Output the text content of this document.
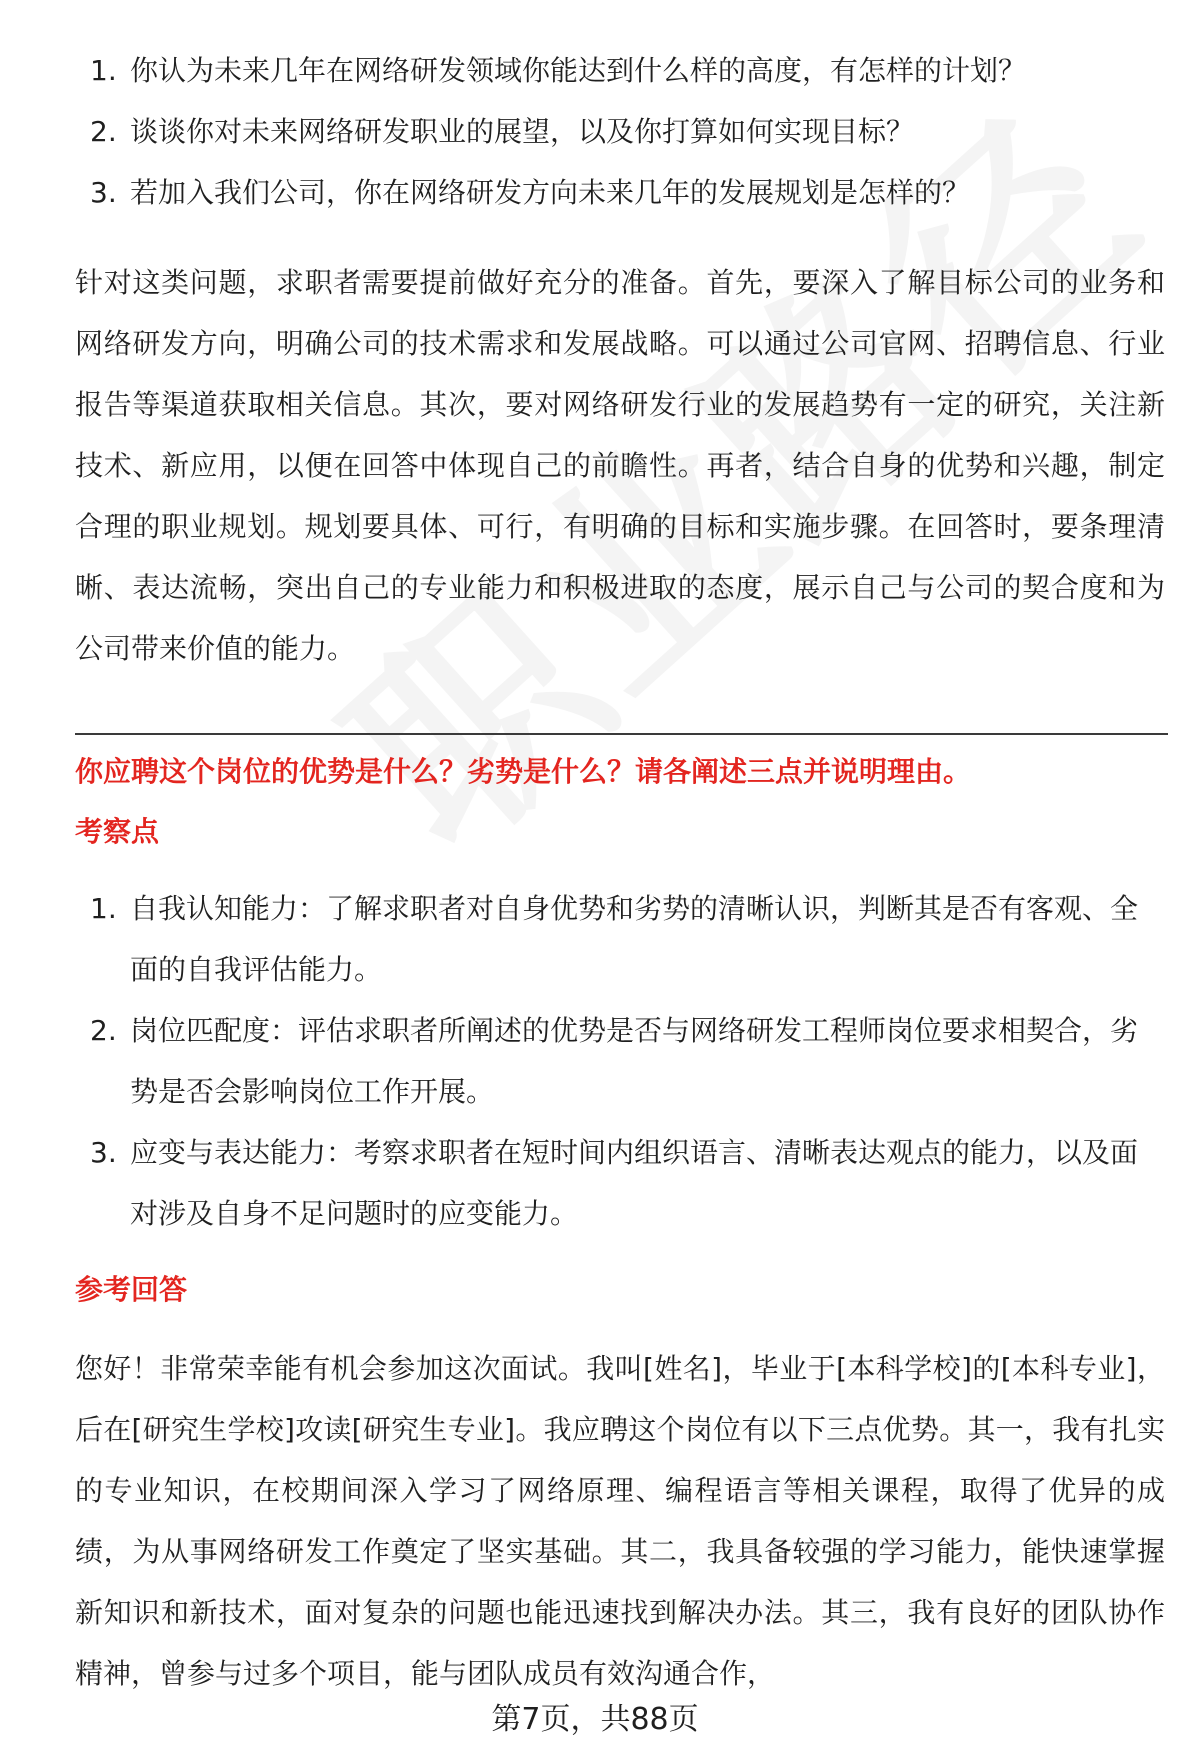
1. 你认为未来几年在网络研发领域你能达到什么样的高度，有怎样的计划？
2. 谈谈你对未来网络研发职业的展望，以及你打算如何实现目标？
3. 若加入我们公司，你在网络研发方向未来几年的发展规划是怎样的？

针对这类问题，求职者需要提前做好充分的准备。首先，要深入了解目标公司的业务和网络研发方向，明确公司的技术需求和发展战略。可以通过公司官网、招聘信息、行业报告等渠道获取相关信息。其次，要对网络研发行业的发展趋势有一定的研究，关注新技术、新应用，以便在回答中体现自己的前瞻性。再者，结合自身的优势和兴趣，制定合理的职业规划。规划要具体、可行，有明确的目标和实施步骤。在回答时，要条理清晰、表达流畅，突出自己的专业能力和积极进取的态度，展示自己与公司的契合度和为公司带来价值的能力。

你应聘这个岗位的优势是什么？劣势是什么？请各阐述三点并说明理由。

考察点

1. 自我认知能力：了解求职者对自身优势和劣势的清晰认识，判断其是否有客观、全面的自我评估能力。
2. 岗位匹配度：评估求职者所阐述的优势是否与网络研发工程师岗位要求相契合，劣势是否会影响岗位工作开展。
3. 应变与表达能力：考察求职者在短时间内组织语言、清晰表达观点的能力，以及面对涉及自身不足问题时的应变能力。

参考回答

您好！非常荣幸能有机会参加这次面试。我叫[姓名]，毕业于[本科学校]的[本科专业]，后在[研究生学校]攻读[研究生专业]。我应聘这个岗位有以下三点优势。其一，我有扎实的专业知识，在校期间深入学习了网络原理、编程语言等相关课程，取得了优异的成绩，为从事网络研发工作奠定了坚实基础。其二，我具备较强的学习能力，能快速掌握新知识和新技术，面对复杂的问题也能迅速找到解决办法。其三，我有良好的团队协作精神，曾参与过多个项目，能与团队成员有效沟通合作，

第7页，共88页
